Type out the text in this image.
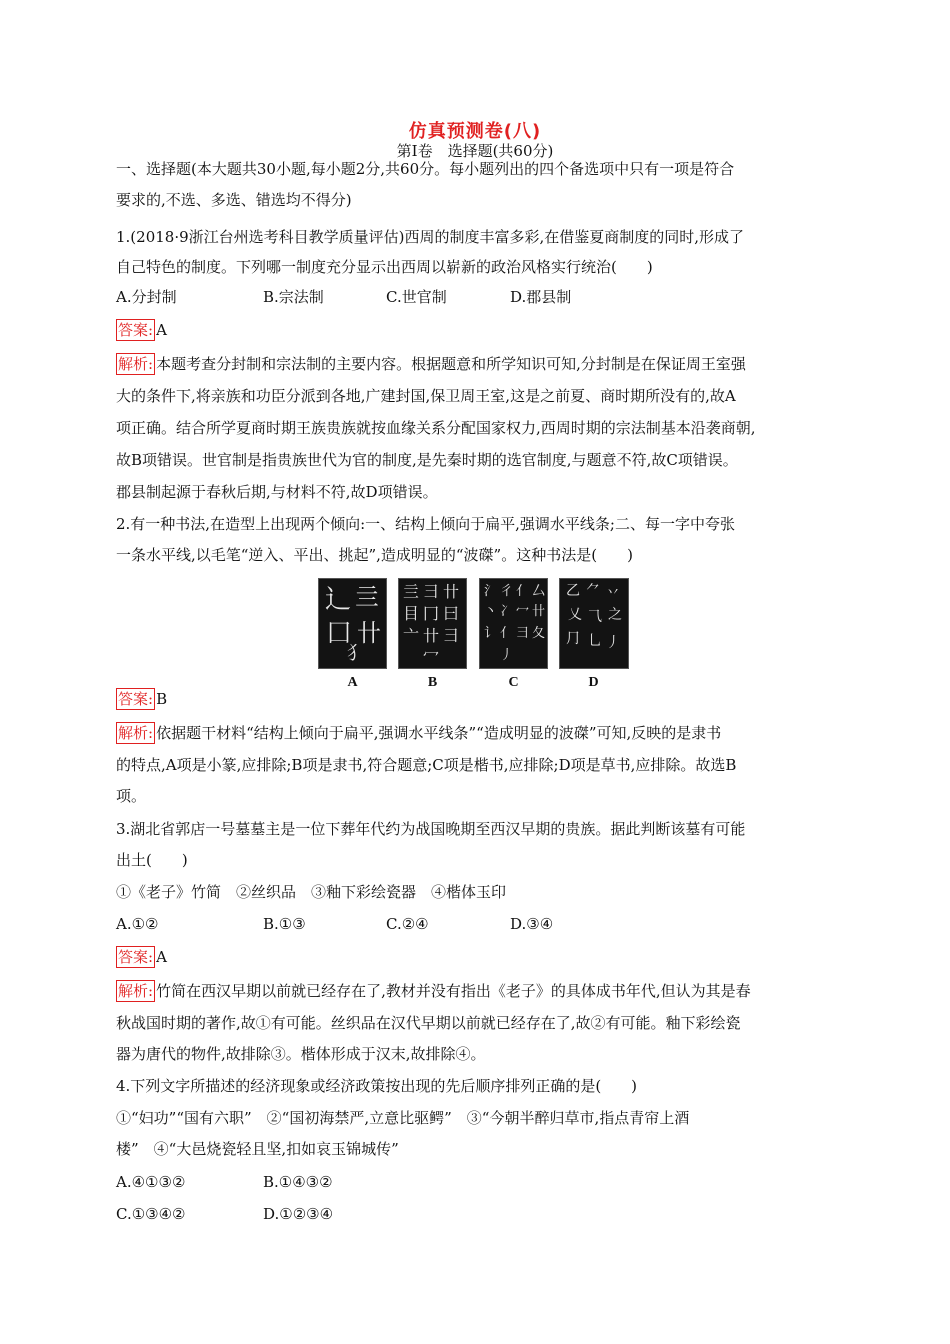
仿真预测卷(八)
第Ⅰ卷　选择题(共60分)
一、选择题(本大题共30小题,每小题2分,共60分。每小题列出的四个备选项中只有一项是符合
要求的,不选、多选、错选均不得分)
1.(2018·9浙江台州选考科目教学质量评估)西周的制度丰富多彩,在借鉴夏商制度的同时,形成了
自己特色的制度。下列哪一制度充分显示出西周以崭新的政治风格实行统治(　　)
A.分封制	B.宗法制	C.世官制	D.郡县制
答案: A
解析: 本题考查分封制和宗法制的主要内容。根据题意和所学知识可知,分封制是在保证周王室强
大的条件下,将亲族和功臣分派到各地,广建封国,保卫周王室,这是之前夏、商时期所没有的,故A
项正确。结合所学夏商时期王族贵族就按血缘关系分配国家权力,西周时期的宗法制基本沿袭商朝,
故B项错误。世官制是指贵族世代为官的制度,是先秦时期的选官制度,与题意不符,故C项错误。
郡县制起源于春秋后期,与材料不符,故D项错误。
2.有一种书法,在造型上出现两个倾向:一、结构上倾向于扁平,强调水平线条;二、每一字中夸张
一条水平线,以毛笔“逆入、平出、挑起”,造成明显的“波磔”。这种书法是(　　)
⻌ 亖
囗 卄
⺨
亖 彐 卄
目 冂 曰
亠 卄 彐
冖
氵 彳 亻 厶
丶 冫 冖 卄
讠 亻 彐 夂
丿
乙 ⺈ 丷
乂 ⺄ 之
⺆ 乚 丿
A	B	C	D
答案: B
解析: 依据题干材料“结构上倾向于扁平,强调水平线条”“造成明显的波磔”可知,反映的是隶书
的特点,A项是小篆,应排除;B项是隶书,符合题意;C项是楷书,应排除;D项是草书,应排除。故选B
项。
3.湖北省郭店一号墓墓主是一位下葬年代约为战国晚期至西汉早期的贵族。据此判断该墓有可能
出土(　　)
①《老子》竹简　②丝织品　③釉下彩绘瓷器　④楷体玉印
A.①②	B.①③	C.②④	D.③④
答案: A
解析: 竹简在西汉早期以前就已经存在了,教材并没有指出《老子》的具体成书年代,但认为其是春
秋战国时期的著作,故①有可能。丝织品在汉代早期以前就已经存在了,故②有可能。釉下彩绘瓷
器为唐代的物件,故排除③。楷体形成于汉末,故排除④。
4.下列文字所描述的经济现象或经济政策按出现的先后顺序排列正确的是(　　)
①“妇功”“国有六职”　②“国初海禁严,立意比驱鳄”　③“今朝半醉归草市,指点青帘上酒
楼”　④“大邑烧瓷轻且坚,扣如哀玉锦城传”
A.④①③②	B.①④③②
C.①③④②	D.①②③④
